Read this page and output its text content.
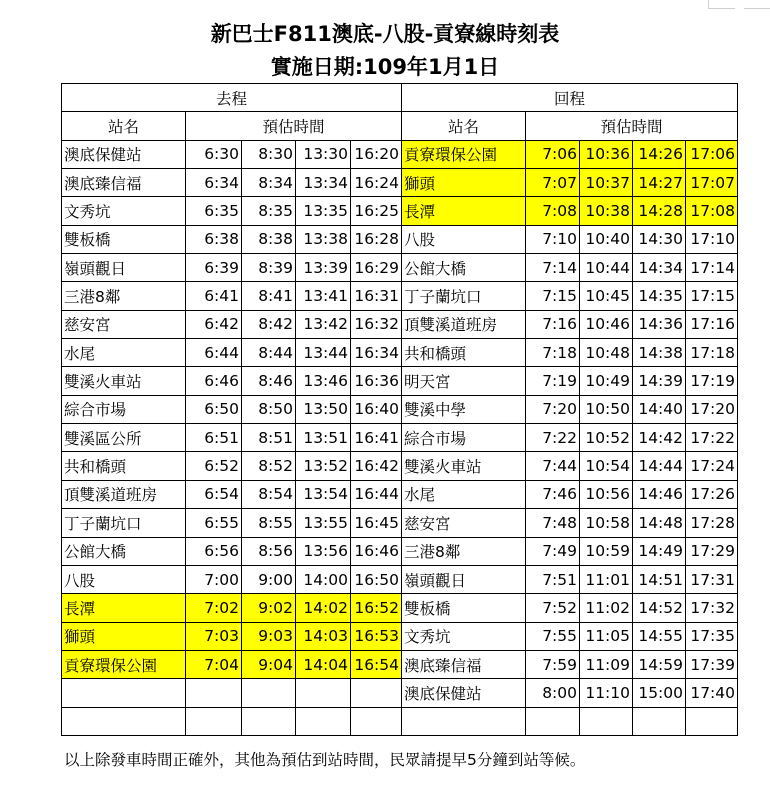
新巴士F811澳底-八股-貢寮線時刻表
實施日期:109年1月1日
去程					回程				
站名	預估時間				站名	預估時間			
澳底保健站	6:30	8:30	13:30	16:20	貢寮環保公園	7:06	10:36	14:26	17:06
澳底臻信福	6:34	8:34	13:34	16:24	獅頭	7:07	10:37	14:27	17:07
文秀坑	6:35	8:35	13:35	16:25	長潭	7:08	10:38	14:28	17:08
雙板橋	6:38	8:38	13:38	16:28	八股	7:10	10:40	14:30	17:10
嶺頭觀日	6:39	8:39	13:39	16:29	公館大橋	7:14	10:44	14:34	17:14
三港8鄰	6:41	8:41	13:41	16:31	丁子蘭坑口	7:15	10:45	14:35	17:15
慈安宮	6:42	8:42	13:42	16:32	頂雙溪道班房	7:16	10:46	14:36	17:16
水尾	6:44	8:44	13:44	16:34	共和橋頭	7:18	10:48	14:38	17:18
雙溪火車站	6:46	8:46	13:46	16:36	明天宮	7:19	10:49	14:39	17:19
綜合市場	6:50	8:50	13:50	16:40	雙溪中學	7:20	10:50	14:40	17:20
雙溪區公所	6:51	8:51	13:51	16:41	綜合市場	7:22	10:52	14:42	17:22
共和橋頭	6:52	8:52	13:52	16:42	雙溪火車站	7:44	10:54	14:44	17:24
頂雙溪道班房	6:54	8:54	13:54	16:44	水尾	7:46	10:56	14:46	17:26
丁子蘭坑口	6:55	8:55	13:55	16:45	慈安宮	7:48	10:58	14:48	17:28
公館大橋	6:56	8:56	13:56	16:46	三港8鄰	7:49	10:59	14:49	17:29
八股	7:00	9:00	14:00	16:50	嶺頭觀日	7:51	11:01	14:51	17:31
長潭	7:02	9:02	14:02	16:52	雙板橋	7:52	11:02	14:52	17:32
獅頭	7:03	9:03	14:03	16:53	文秀坑	7:55	11:05	14:55	17:35
貢寮環保公園	7:04	9:04	14:04	16:54	澳底臻信福	7:59	11:09	14:59	17:39
					澳底保健站	8:00	11:10	15:00	17:40

以上除發車時間正確外，其他為預估到站時間，民眾請提早5分鐘到站等候。
